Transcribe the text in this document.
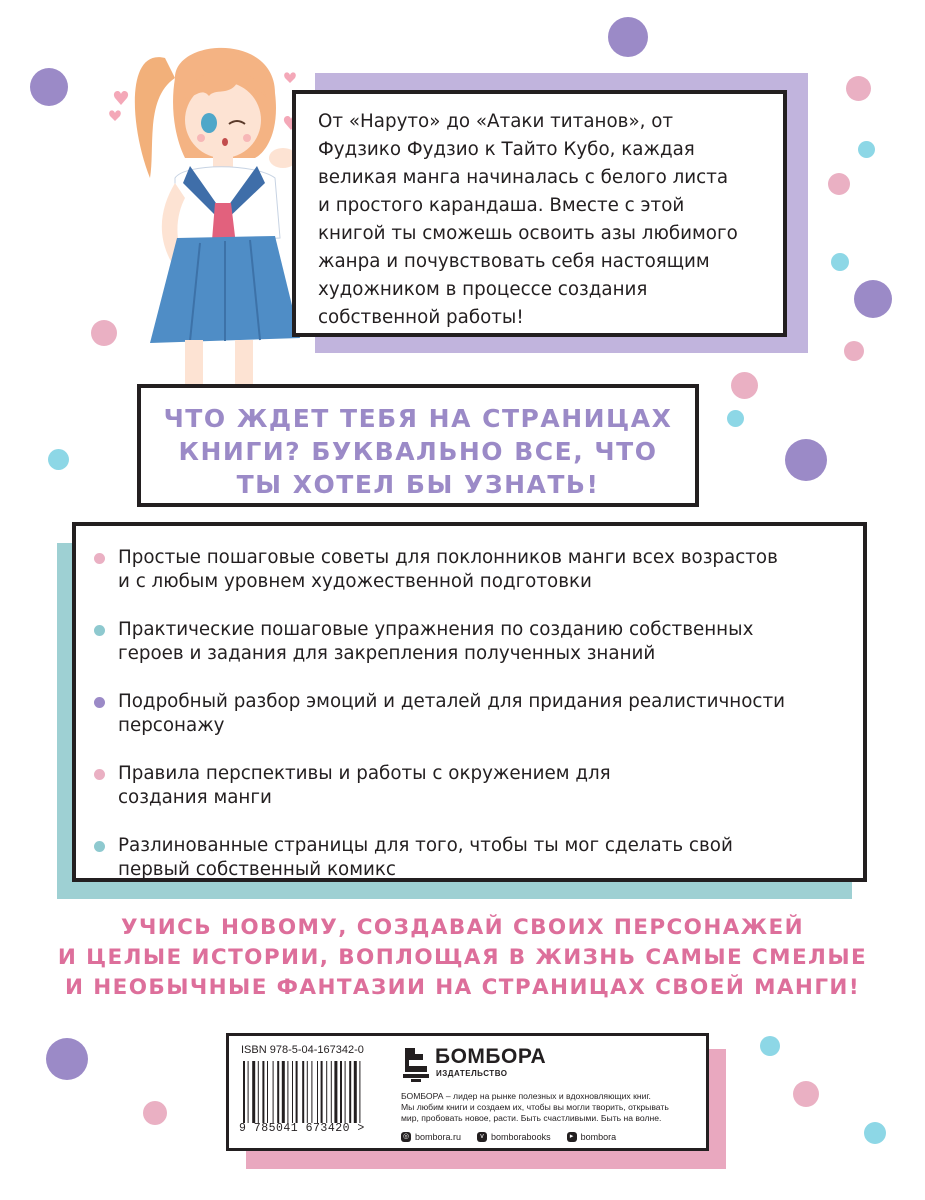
От «Наруто» до «Атаки титанов», от
Фудзико Фудзио к Тайто Кубо, каждая
великая манга начиналась с белого листа
и простого карандаша. Вместе с этой
книгой ты сможешь освоить азы любимого
жанра и почувствовать себя настоящим
художником в процессе создания
собственной работы!

ЧТО ЖДЕТ ТЕБЯ НА СТРАНИЦАХ
КНИГИ? БУКВАЛЬНО ВСЕ, ЧТО
ТЫ ХОТЕЛ БЫ УЗНАТЬ!
Простые пошаговые советы для поклонников манги всех возрастов
и с любым уровнем художественной подготовки
Практические пошаговые упражнения по созданию собственных
героев и задания для закрепления полученных знаний
Подробный разбор эмоций и деталей для придания реалистичности
персонажу
Правила перспективы и работы с окружением для
создания манги
Разлинованные страницы для того, чтобы ты мог сделать свой
первый собственный комикс
УЧИСЬ НОВОМУ, СОЗДАВАЙ СВОИХ ПЕРСОНАЖЕЙ
И ЦЕЛЫЕ ИСТОРИИ, ВОПЛОЩАЯ В ЖИЗНЬ САМЫЕ СМЕЛЫЕ
И НЕОБЫЧНЫЕ ФАНТАЗИИ НА СТРАНИЦАХ СВОЕЙ МАНГИ!
ISBN 978-5-04-167342-0
9 785041 673420 >
БОМБОРА
ИЗДАТЕЛЬСТВО

БОМБОРА – лидер на рынке полезных и вдохновляющих книг.
Мы любим книги и создаем их, чтобы вы могли творить, открывать
мир, пробовать новое, расти. Быть счастливыми. Быть на волне.

◎ bombora.ru	v bomborabooks	▸ bombora
